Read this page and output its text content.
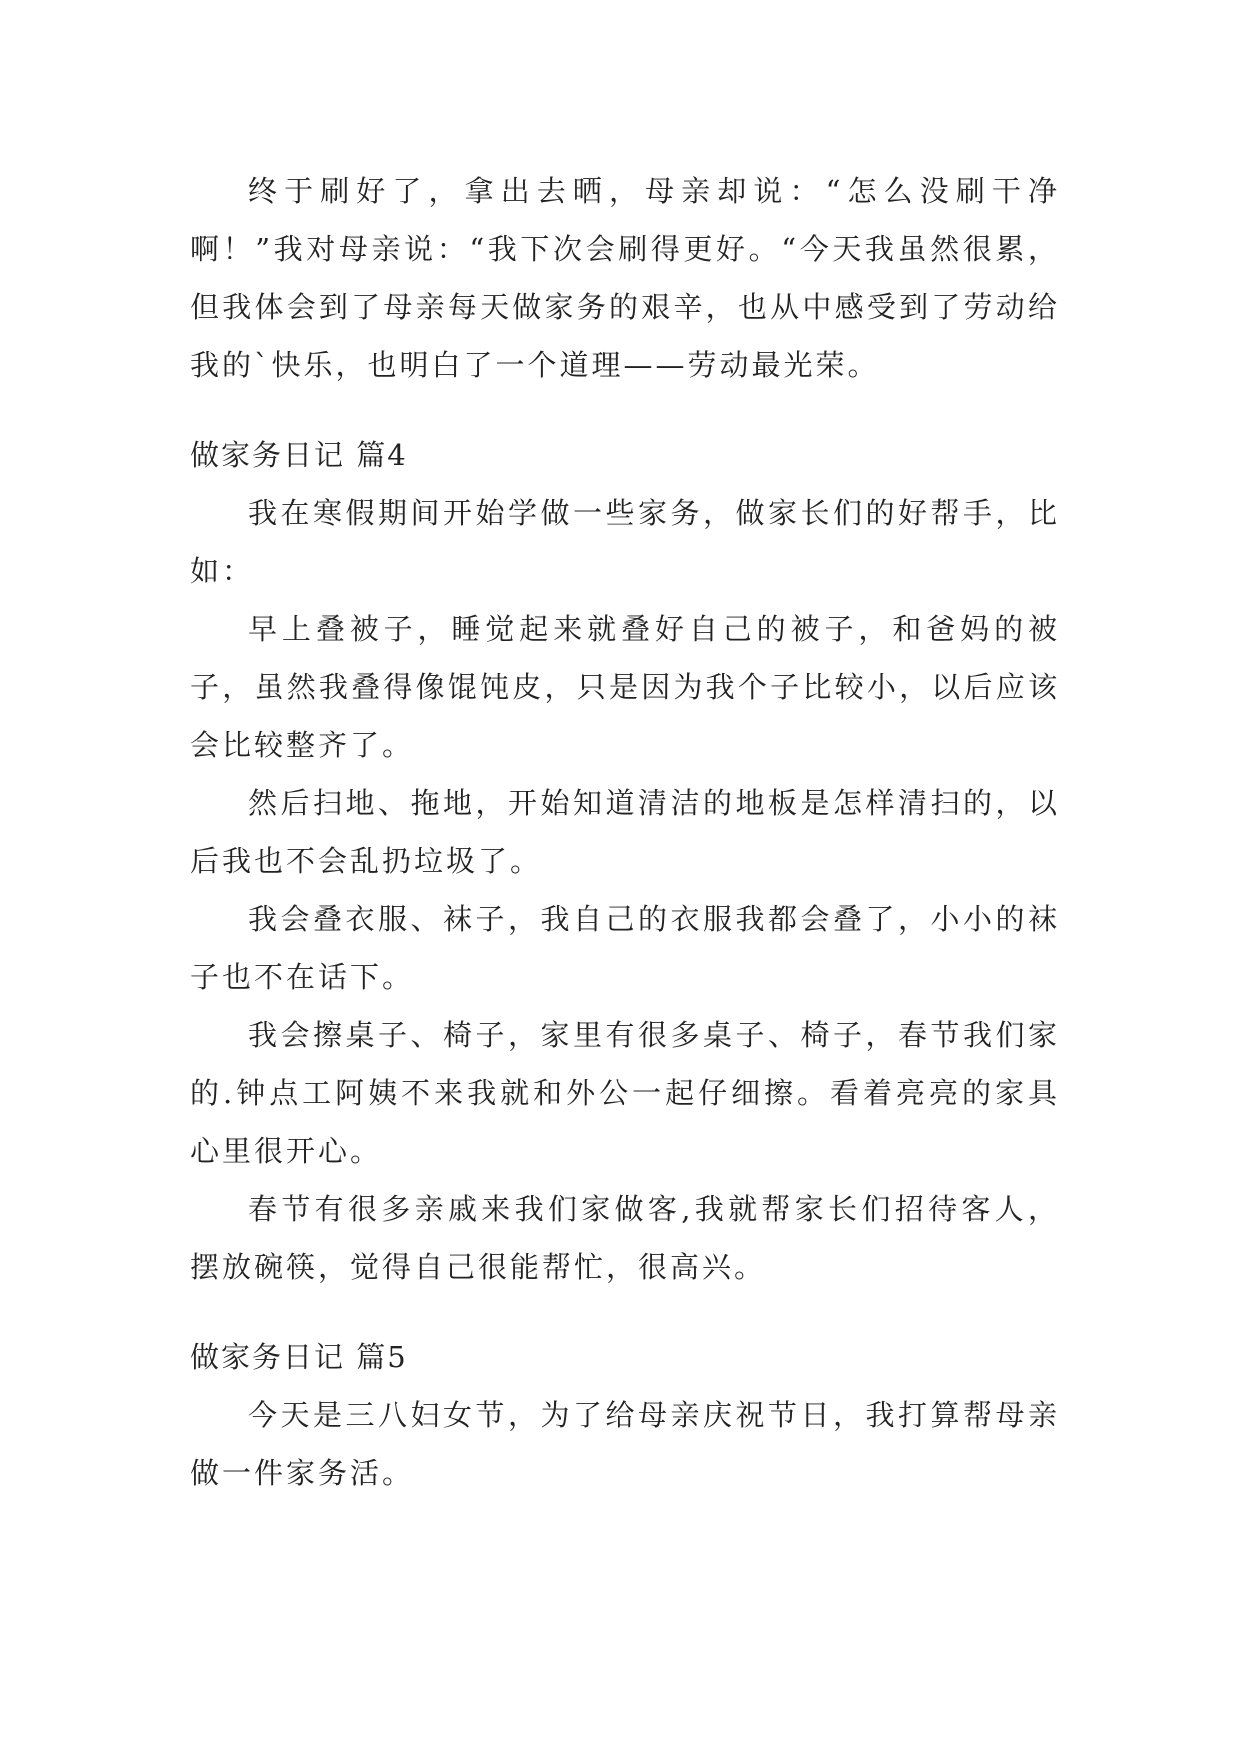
终于刷好了，拿出去晒，母亲却说：“怎么没刷干净啊！”我对母亲说：“我下次会刷得更好。“今天我虽然很累，但我体会到了母亲每天做家务的艰辛，也从中感受到了劳动给我的`快乐，也明白了一个道理——劳动最光荣。

做家务日记 篇4

我在寒假期间开始学做一些家务，做家长们的好帮手，比如：

早上叠被子，睡觉起来就叠好自己的被子，和爸妈的被子，虽然我叠得像馄饨皮，只是因为我个子比较小，以后应该会比较整齐了。

然后扫地、拖地，开始知道清洁的地板是怎样清扫的，以后我也不会乱扔垃圾了。

我会叠衣服、袜子，我自己的衣服我都会叠了，小小的袜子也不在话下。

我会擦桌子、椅子，家里有很多桌子、椅子，春节我们家的.钟点工阿姨不来我就和外公一起仔细擦。看着亮亮的家具心里很开心。

春节有很多亲戚来我们家做客,我就帮家长们招待客人，摆放碗筷，觉得自己很能帮忙，很高兴。

做家务日记 篇5

今天是三八妇女节，为了给母亲庆祝节日，我打算帮母亲做一件家务活。
